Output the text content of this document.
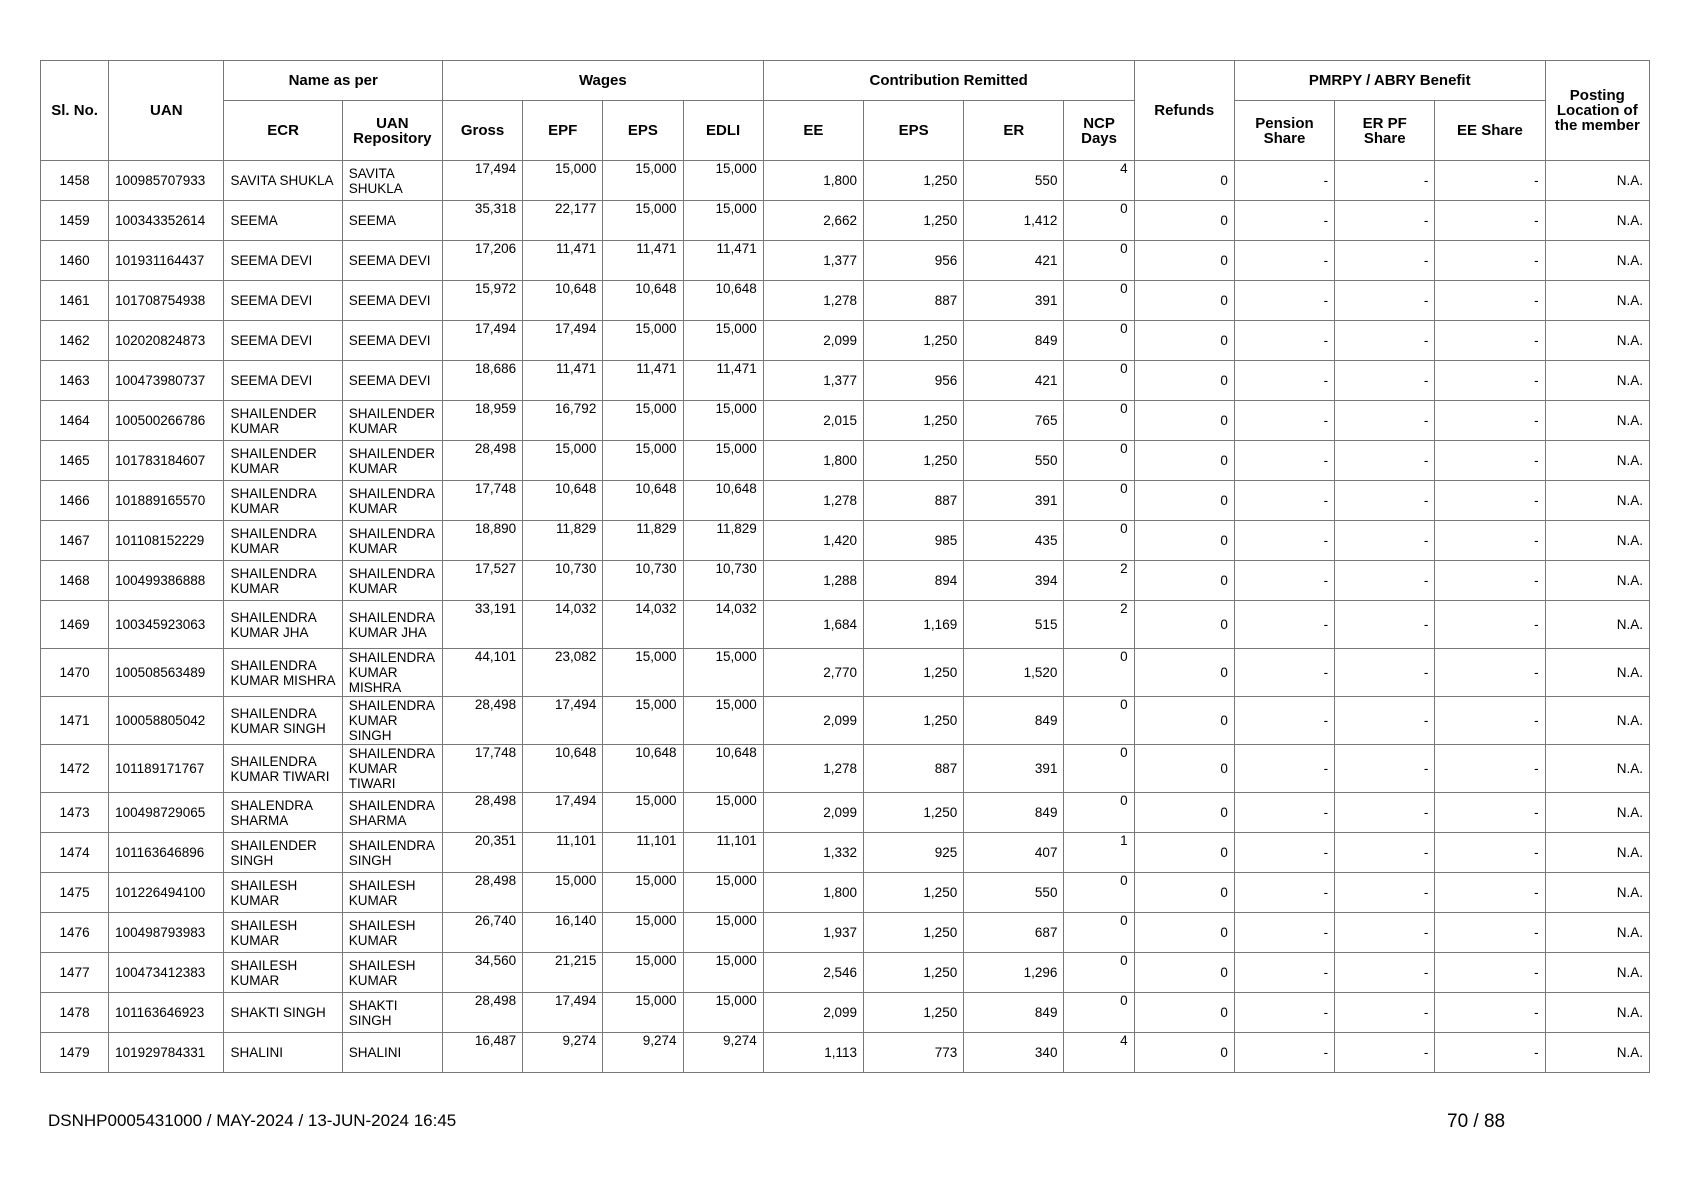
Sl. No.	UAN	Name as per		Wages				Contribution Remitted				Refunds	PMRPY / ABRY Benefit			Posting Location of the member
		ECR	UAN Repository	Gross	EPF	EPS	EDLI	EE	EPS	ER	NCP Days		Pension Share	ER PF Share	EE Share	
1458	100985707933	SAVITA SHUKLA	SAVITA SHUKLA	17,494	15,000	15,000	15,000	1,800	1,250	550	4	0	-	-	-	N.A.
1459	100343352614	SEEMA	SEEMA	35,318	22,177	15,000	15,000	2,662	1,250	1,412	0	0	-	-	-	N.A.
1460	101931164437	SEEMA DEVI	SEEMA DEVI	17,206	11,471	11,471	11,471	1,377	956	421	0	0	-	-	-	N.A.
1461	101708754938	SEEMA DEVI	SEEMA DEVI	15,972	10,648	10,648	10,648	1,278	887	391	0	0	-	-	-	N.A.
1462	102020824873	SEEMA DEVI	SEEMA DEVI	17,494	17,494	15,000	15,000	2,099	1,250	849	0	0	-	-	-	N.A.
1463	100473980737	SEEMA DEVI	SEEMA DEVI	18,686	11,471	11,471	11,471	1,377	956	421	0	0	-	-	-	N.A.
1464	100500266786	SHAILENDER KUMAR	SHAILENDER KUMAR	18,959	16,792	15,000	15,000	2,015	1,250	765	0	0	-	-	-	N.A.
1465	101783184607	SHAILENDER KUMAR	SHAILENDER KUMAR	28,498	15,000	15,000	15,000	1,800	1,250	550	0	0	-	-	-	N.A.
1466	101889165570	SHAILENDRA KUMAR	SHAILENDRA KUMAR	17,748	10,648	10,648	10,648	1,278	887	391	0	0	-	-	-	N.A.
1467	101108152229	SHAILENDRA KUMAR	SHAILENDRA KUMAR	18,890	11,829	11,829	11,829	1,420	985	435	0	0	-	-	-	N.A.
1468	100499386888	SHAILENDRA KUMAR	SHAILENDRA KUMAR	17,527	10,730	10,730	10,730	1,288	894	394	2	0	-	-	-	N.A.
1469	100345923063	SHAILENDRA KUMAR JHA	SHAILENDRA KUMAR JHA	33,191	14,032	14,032	14,032	1,684	1,169	515	2	0	-	-	-	N.A.
1470	100508563489	SHAILENDRA KUMAR MISHRA	SHAILENDRA KUMAR MISHRA	44,101	23,082	15,000	15,000	2,770	1,250	1,520	0	0	-	-	-	N.A.
1471	100058805042	SHAILENDRA KUMAR SINGH	SHAILENDRA KUMAR SINGH	28,498	17,494	15,000	15,000	2,099	1,250	849	0	0	-	-	-	N.A.
1472	101189171767	SHAILENDRA KUMAR TIWARI	SHAILENDRA KUMAR TIWARI	17,748	10,648	10,648	10,648	1,278	887	391	0	0	-	-	-	N.A.
1473	100498729065	SHALENDRA SHARMA	SHAILENDRA SHARMA	28,498	17,494	15,000	15,000	2,099	1,250	849	0	0	-	-	-	N.A.
1474	101163646896	SHAILENDER SINGH	SHAILENDRA SINGH	20,351	11,101	11,101	11,101	1,332	925	407	1	0	-	-	-	N.A.
1475	101226494100	SHAILESH KUMAR	SHAILESH KUMAR	28,498	15,000	15,000	15,000	1,800	1,250	550	0	0	-	-	-	N.A.
1476	100498793983	SHAILESH KUMAR	SHAILESH KUMAR	26,740	16,140	15,000	15,000	1,937	1,250	687	0	0	-	-	-	N.A.
1477	100473412383	SHAILESH KUMAR	SHAILESH KUMAR	34,560	21,215	15,000	15,000	2,546	1,250	1,296	0	0	-	-	-	N.A.
1478	101163646923	SHAKTI SINGH	SHAKTI SINGH	28,498	17,494	15,000	15,000	2,099	1,250	849	0	0	-	-	-	N.A.
1479	101929784331	SHALINI	SHALINI	16,487	9,274	9,274	9,274	1,113	773	340	4	0	-	-	-	N.A.
DSNHP0005431000 / MAY-2024 / 13-JUN-2024 16:45	70 / 88
